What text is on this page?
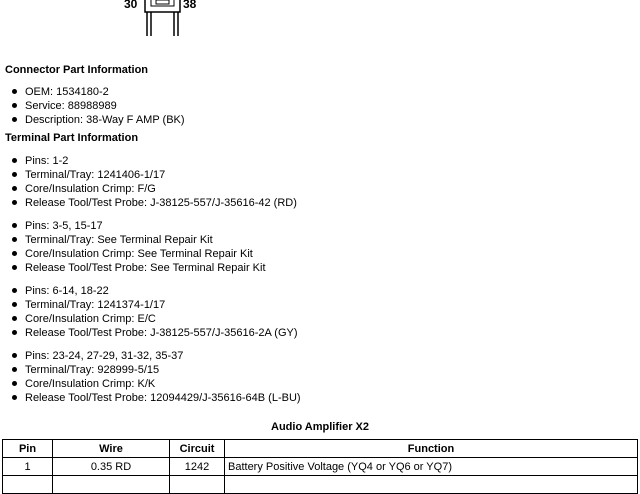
30	38
Connector Part Information
OEM: 1534180-2
Service: 88988989
Description: 38-Way F AMP (BK)
Terminal Part Information
Pins: 1-2
Terminal/Tray: 1241406-1/17
Core/Insulation Crimp: F/G
Release Tool/Test Probe: J-38125-557/J-35616-42 (RD)
Pins: 3-5, 15-17
Terminal/Tray: See Terminal Repair Kit
Core/Insulation Crimp: See Terminal Repair Kit
Release Tool/Test Probe: See Terminal Repair Kit
Pins: 6-14, 18-22
Terminal/Tray: 1241374-1/17
Core/Insulation Crimp: E/C
Release Tool/Test Probe: J-38125-557/J-35616-2A (GY)
Pins: 23-24, 27-29, 31-32, 35-37
Terminal/Tray: 928999-5/15
Core/Insulation Crimp: K/K
Release Tool/Test Probe: 12094429/J-35616-64B (L-BU)
Audio Amplifier X2
Pin	Wire	Circuit	Function
1	0.35 RD	1242	Battery Positive Voltage (YQ4 or YQ6 or YQ7)
